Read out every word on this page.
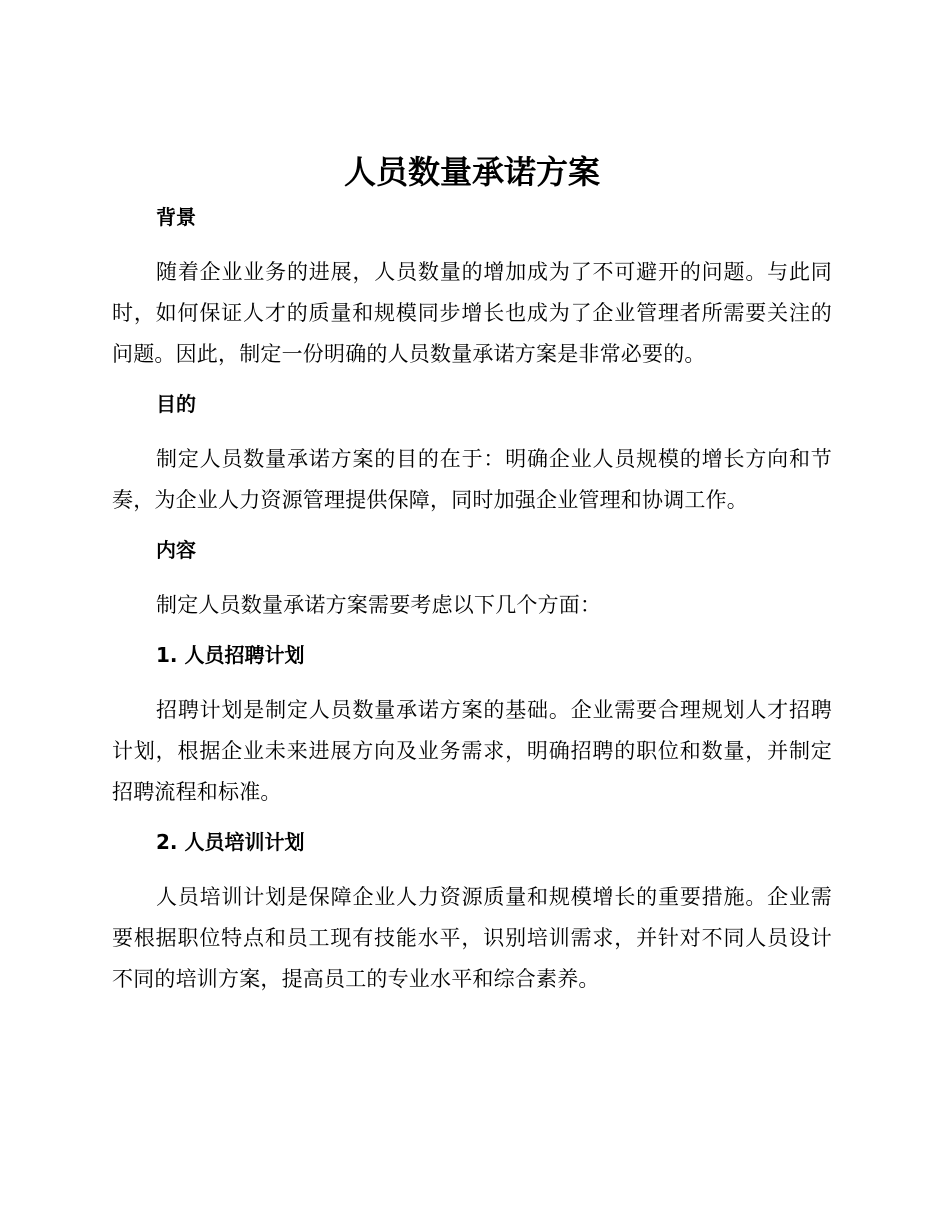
人员数量承诺方案

背景

随着企业业务的进展，人员数量的增加成为了不可避开的问题。与此同时，如何保证人才的质量和规模同步增长也成为了企业管理者所需要关注的问题。因此，制定一份明确的人员数量承诺方案是非常必要的。

目的

制定人员数量承诺方案的目的在于：明确企业人员规模的增长方向和节奏，为企业人力资源管理提供保障，同时加强企业管理和协调工作。

内容

制定人员数量承诺方案需要考虑以下几个方面：

1. 人员招聘计划

招聘计划是制定人员数量承诺方案的基础。企业需要合理规划人才招聘计划，根据企业未来进展方向及业务需求，明确招聘的职位和数量，并制定招聘流程和标准。

2. 人员培训计划

人员培训计划是保障企业人力资源质量和规模增长的重要措施。企业需要根据职位特点和员工现有技能水平，识别培训需求，并针对不同人员设计不同的培训方案，提高员工的专业水平和综合素养。
